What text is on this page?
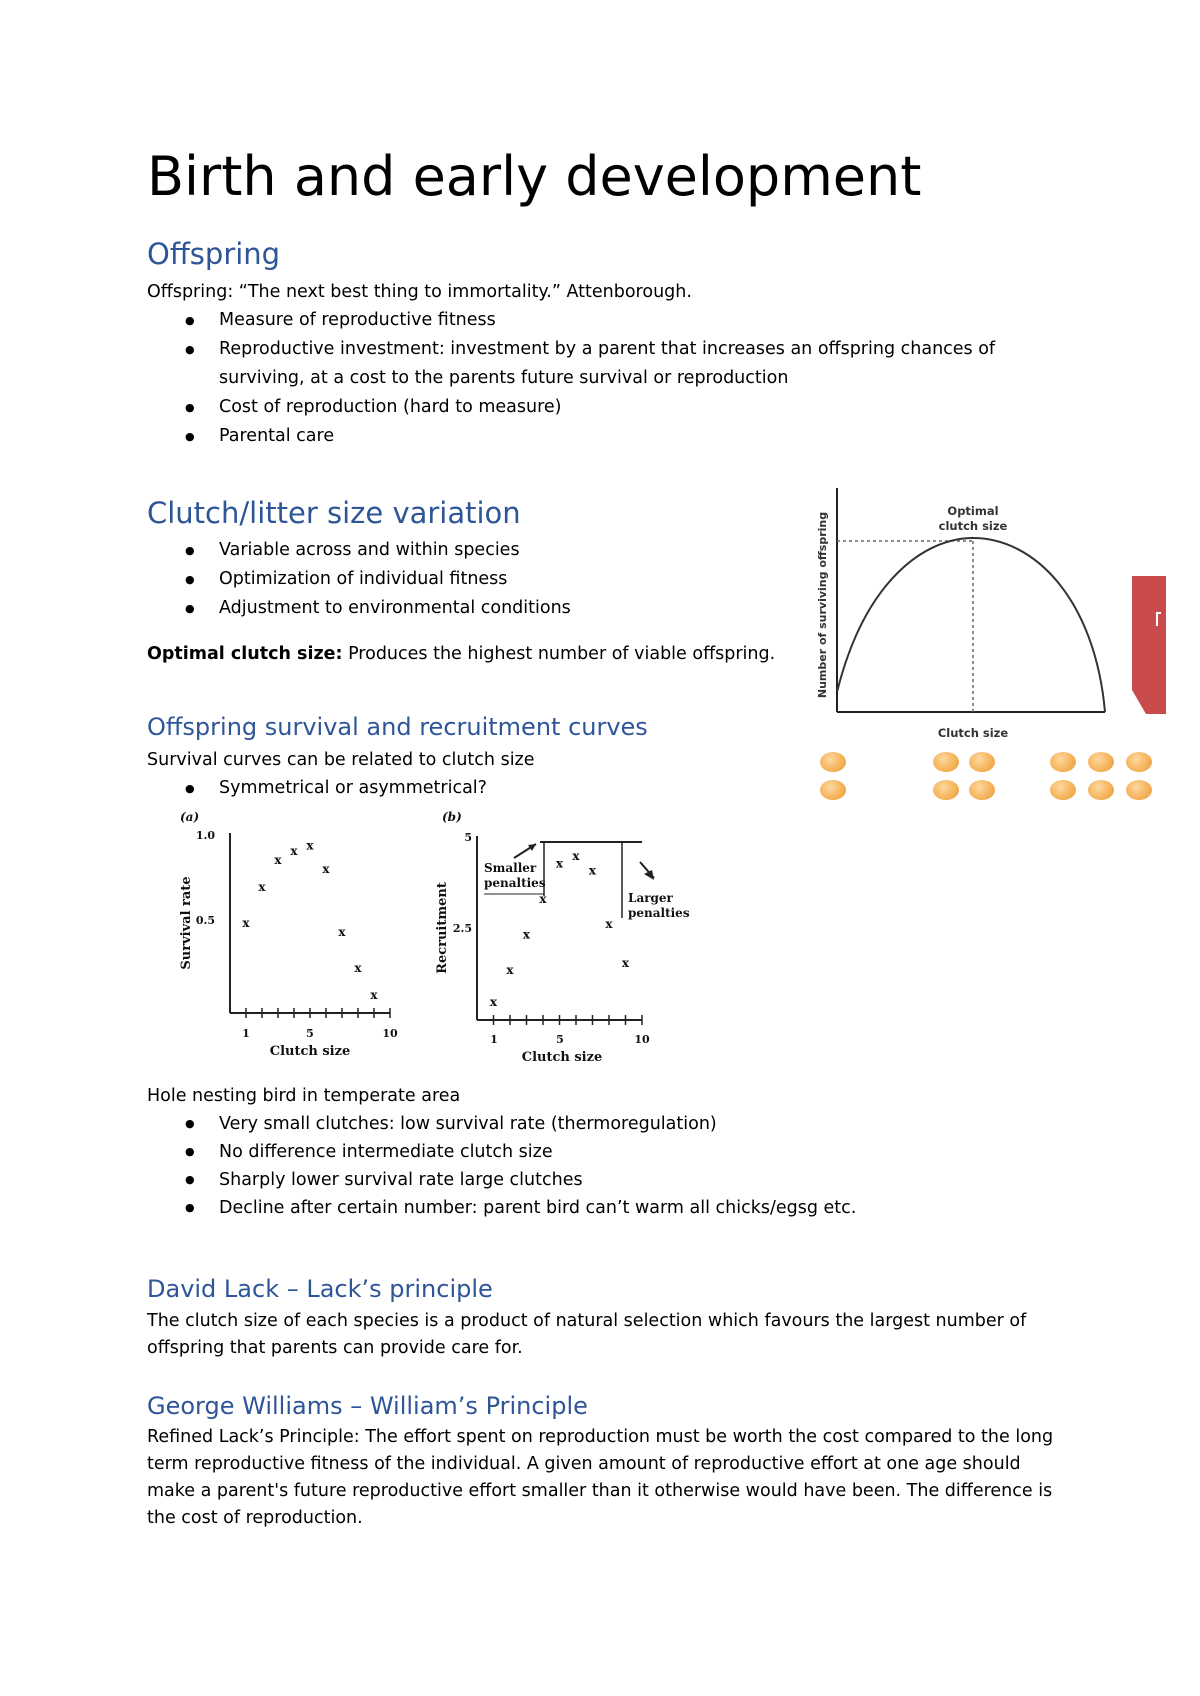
Birth and early development
Offspring
Offspring: “The next best thing to immortality.” Attenborough.
● Measure of reproductive fitness
● Reproductive investment: investment by a parent that increases an offspring chances of surviving, at a cost to the parents future survival or reproduction
● Cost of reproduction (hard to measure)
● Parental care
Clutch/litter size variation
● Variable across and within species
● Optimization of individual fitness
● Adjustment to environmental conditions
Optimal clutch size: Produces the highest number of viable offspring.
Optimal
clutch size
Number of surviving offspring
Clutch size
Offspring survival and recruitment curves
Survival curves can be related to clutch size
● Symmetrical or asymmetrical?
(a)
x
x
x
x x
x
x
x
x
1.0
0.5
1	5	10
Survival rate
Clutch size
(b)
x
x
x
x
x
x
x
x
x
5
2.5
1	5	10
Recruitment
Clutch size
Smaller penalties
Larger penalties
Hole nesting bird in temperate area
● Very small clutches: low survival rate (thermoregulation)
● No difference intermediate clutch size
● Sharply lower survival rate large clutches
● Decline after certain number: parent bird can’t warm all chicks/egsg etc.
David Lack – Lack’s principle
The clutch size of each species is a product of natural selection which favours the largest number of offspring that parents can provide care for.
George Williams – William’s Principle
Refined Lack’s Principle: The effort spent on reproduction must be worth the cost compared to the long term reproductive fitness of the individual. A given amount of reproductive effort at one age should make a parent's future reproductive effort smaller than it otherwise would have been. The difference is the cost of reproduction.
